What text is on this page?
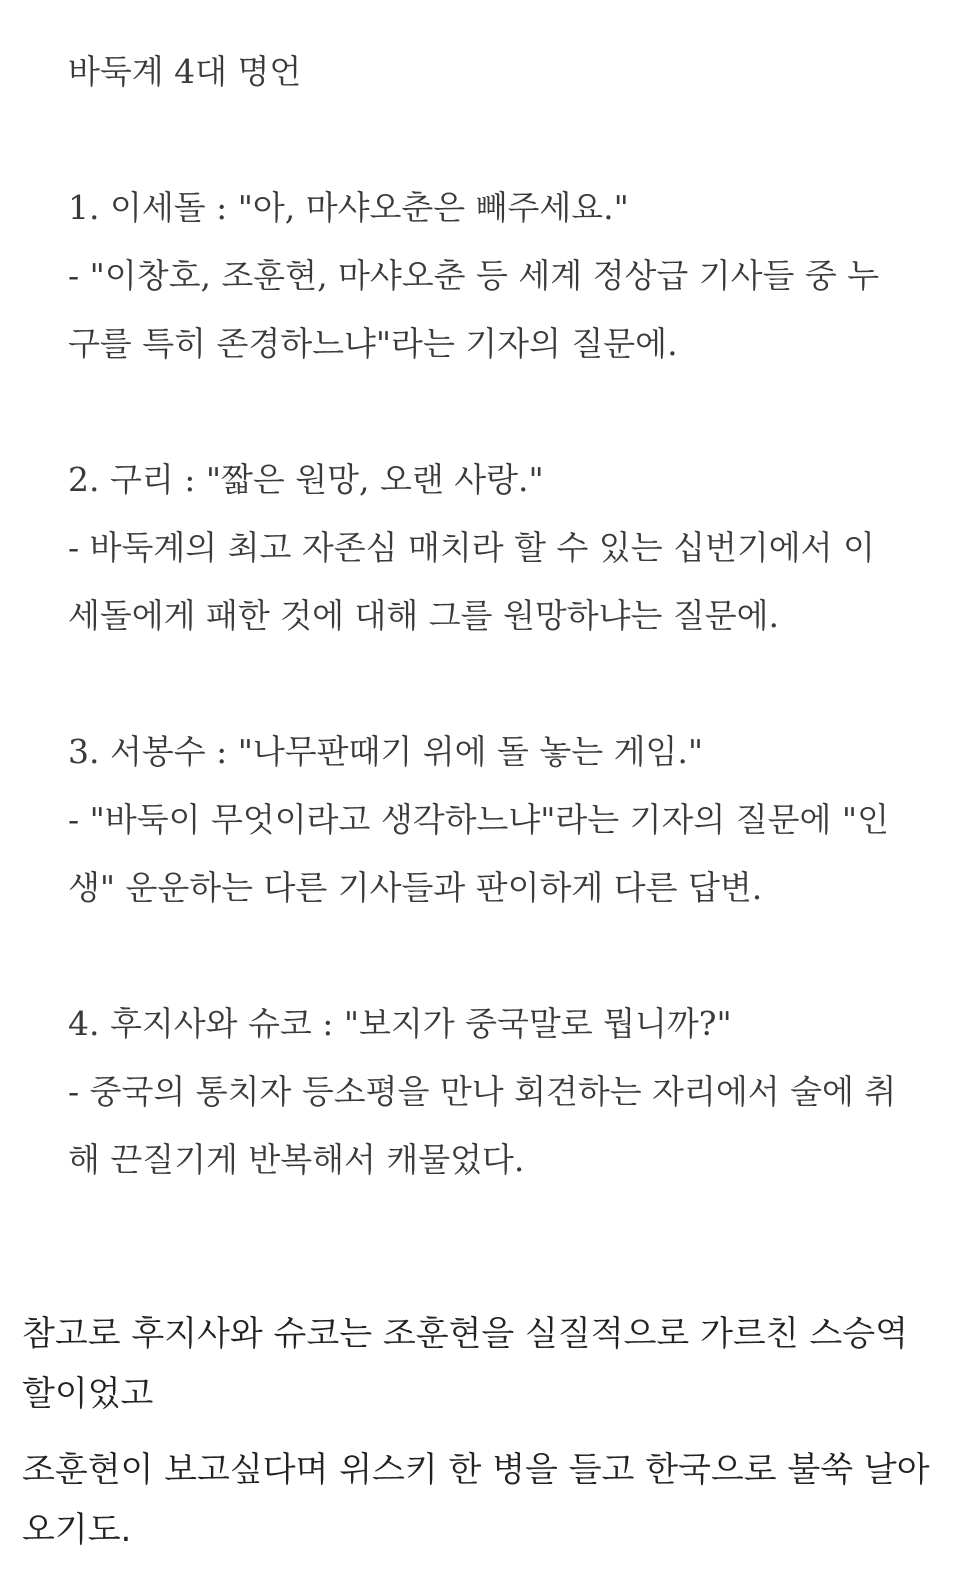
바둑계 4대 명언

1. 이세돌 : "아, 마샤오춘은 빼주세요."

- "이창호, 조훈현, 마샤오춘 등 세계 정상급 기사들 중 누구를 특히 존경하느냐"라는 기자의 질문에.

2. 구리 : "짧은 원망, 오랜 사랑."

- 바둑계의 최고 자존심 매치라 할 수 있는 십번기에서 이세돌에게 패한 것에 대해 그를 원망하냐는 질문에.

3. 서봉수 : "나무판때기 위에 돌 놓는 게임."

- "바둑이 무엇이라고 생각하느냐"라는 기자의 질문에 "인생" 운운하는 다른 기사들과 판이하게 다른 답변.

4. 후지사와 슈코 : "보지가 중국말로 뭡니까?"

- 중국의 통치자 등소평을 만나 회견하는 자리에서 술에 취해 끈질기게 반복해서 캐물었다.

참고로 후지사와 슈코는 조훈현을 실질적으로 가르친 스승역할이었고

조훈현이 보고싶다며 위스키 한 병을 들고 한국으로 불쑥 날아오기도.
